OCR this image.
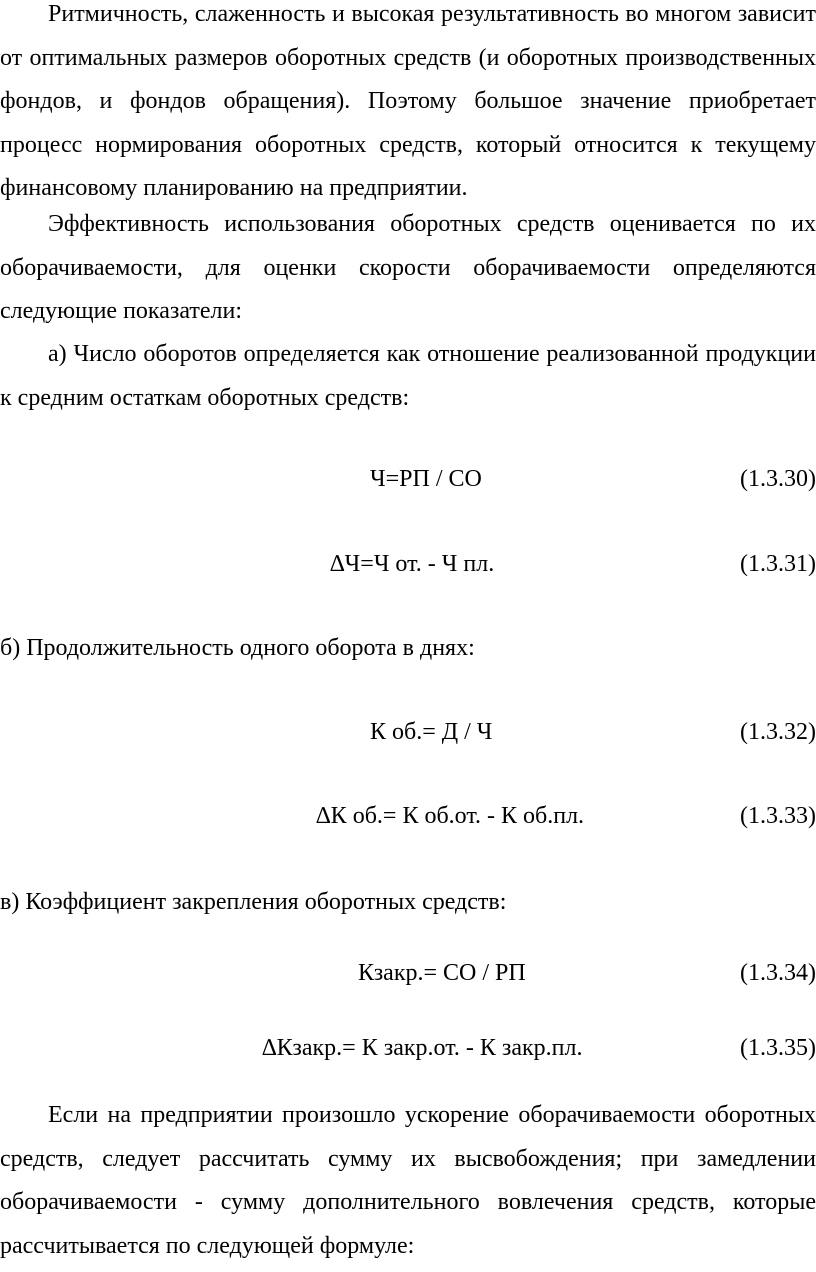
Ритмичность, слаженность и высокая результативность во многом зависит от оптимальных размеров оборотных средств (и оборотных производственных фондов, и фондов обращения). Поэтому большое значение приобретает процесс нормирования оборотных средств, который относится к текущему финансовому планированию на предприятии.

Эффективность использования оборотных средств оценивается по их оборачиваемости, для оценки скорости оборачиваемости определяются следующие показатели:

а) Число оборотов определяется как отношение реализованной продукции к средним остаткам оборотных средств:

Ч=РП / СО	(1.3.30)
∆Ч=Ч от. - Ч пл.	(1.3.31)

б) Продолжительность одного оборота в днях:

К об.= Д / Ч	(1.3.32)
∆К об.= К об.от. - К об.пл.	(1.3.33)

в) Коэффициент закрепления оборотных средств:

Кзакр.= СО / РП	(1.3.34)
∆Кзакр.= К закр.от. - К закр.пл.	(1.3.35)

Если на предприятии произошло ускорение оборачиваемости оборотных средств, следует рассчитать сумму их высвобождения; при замедлении оборачиваемости - сумму дополнительного вовлечения средств, которые рассчитывается по следующей формуле:
